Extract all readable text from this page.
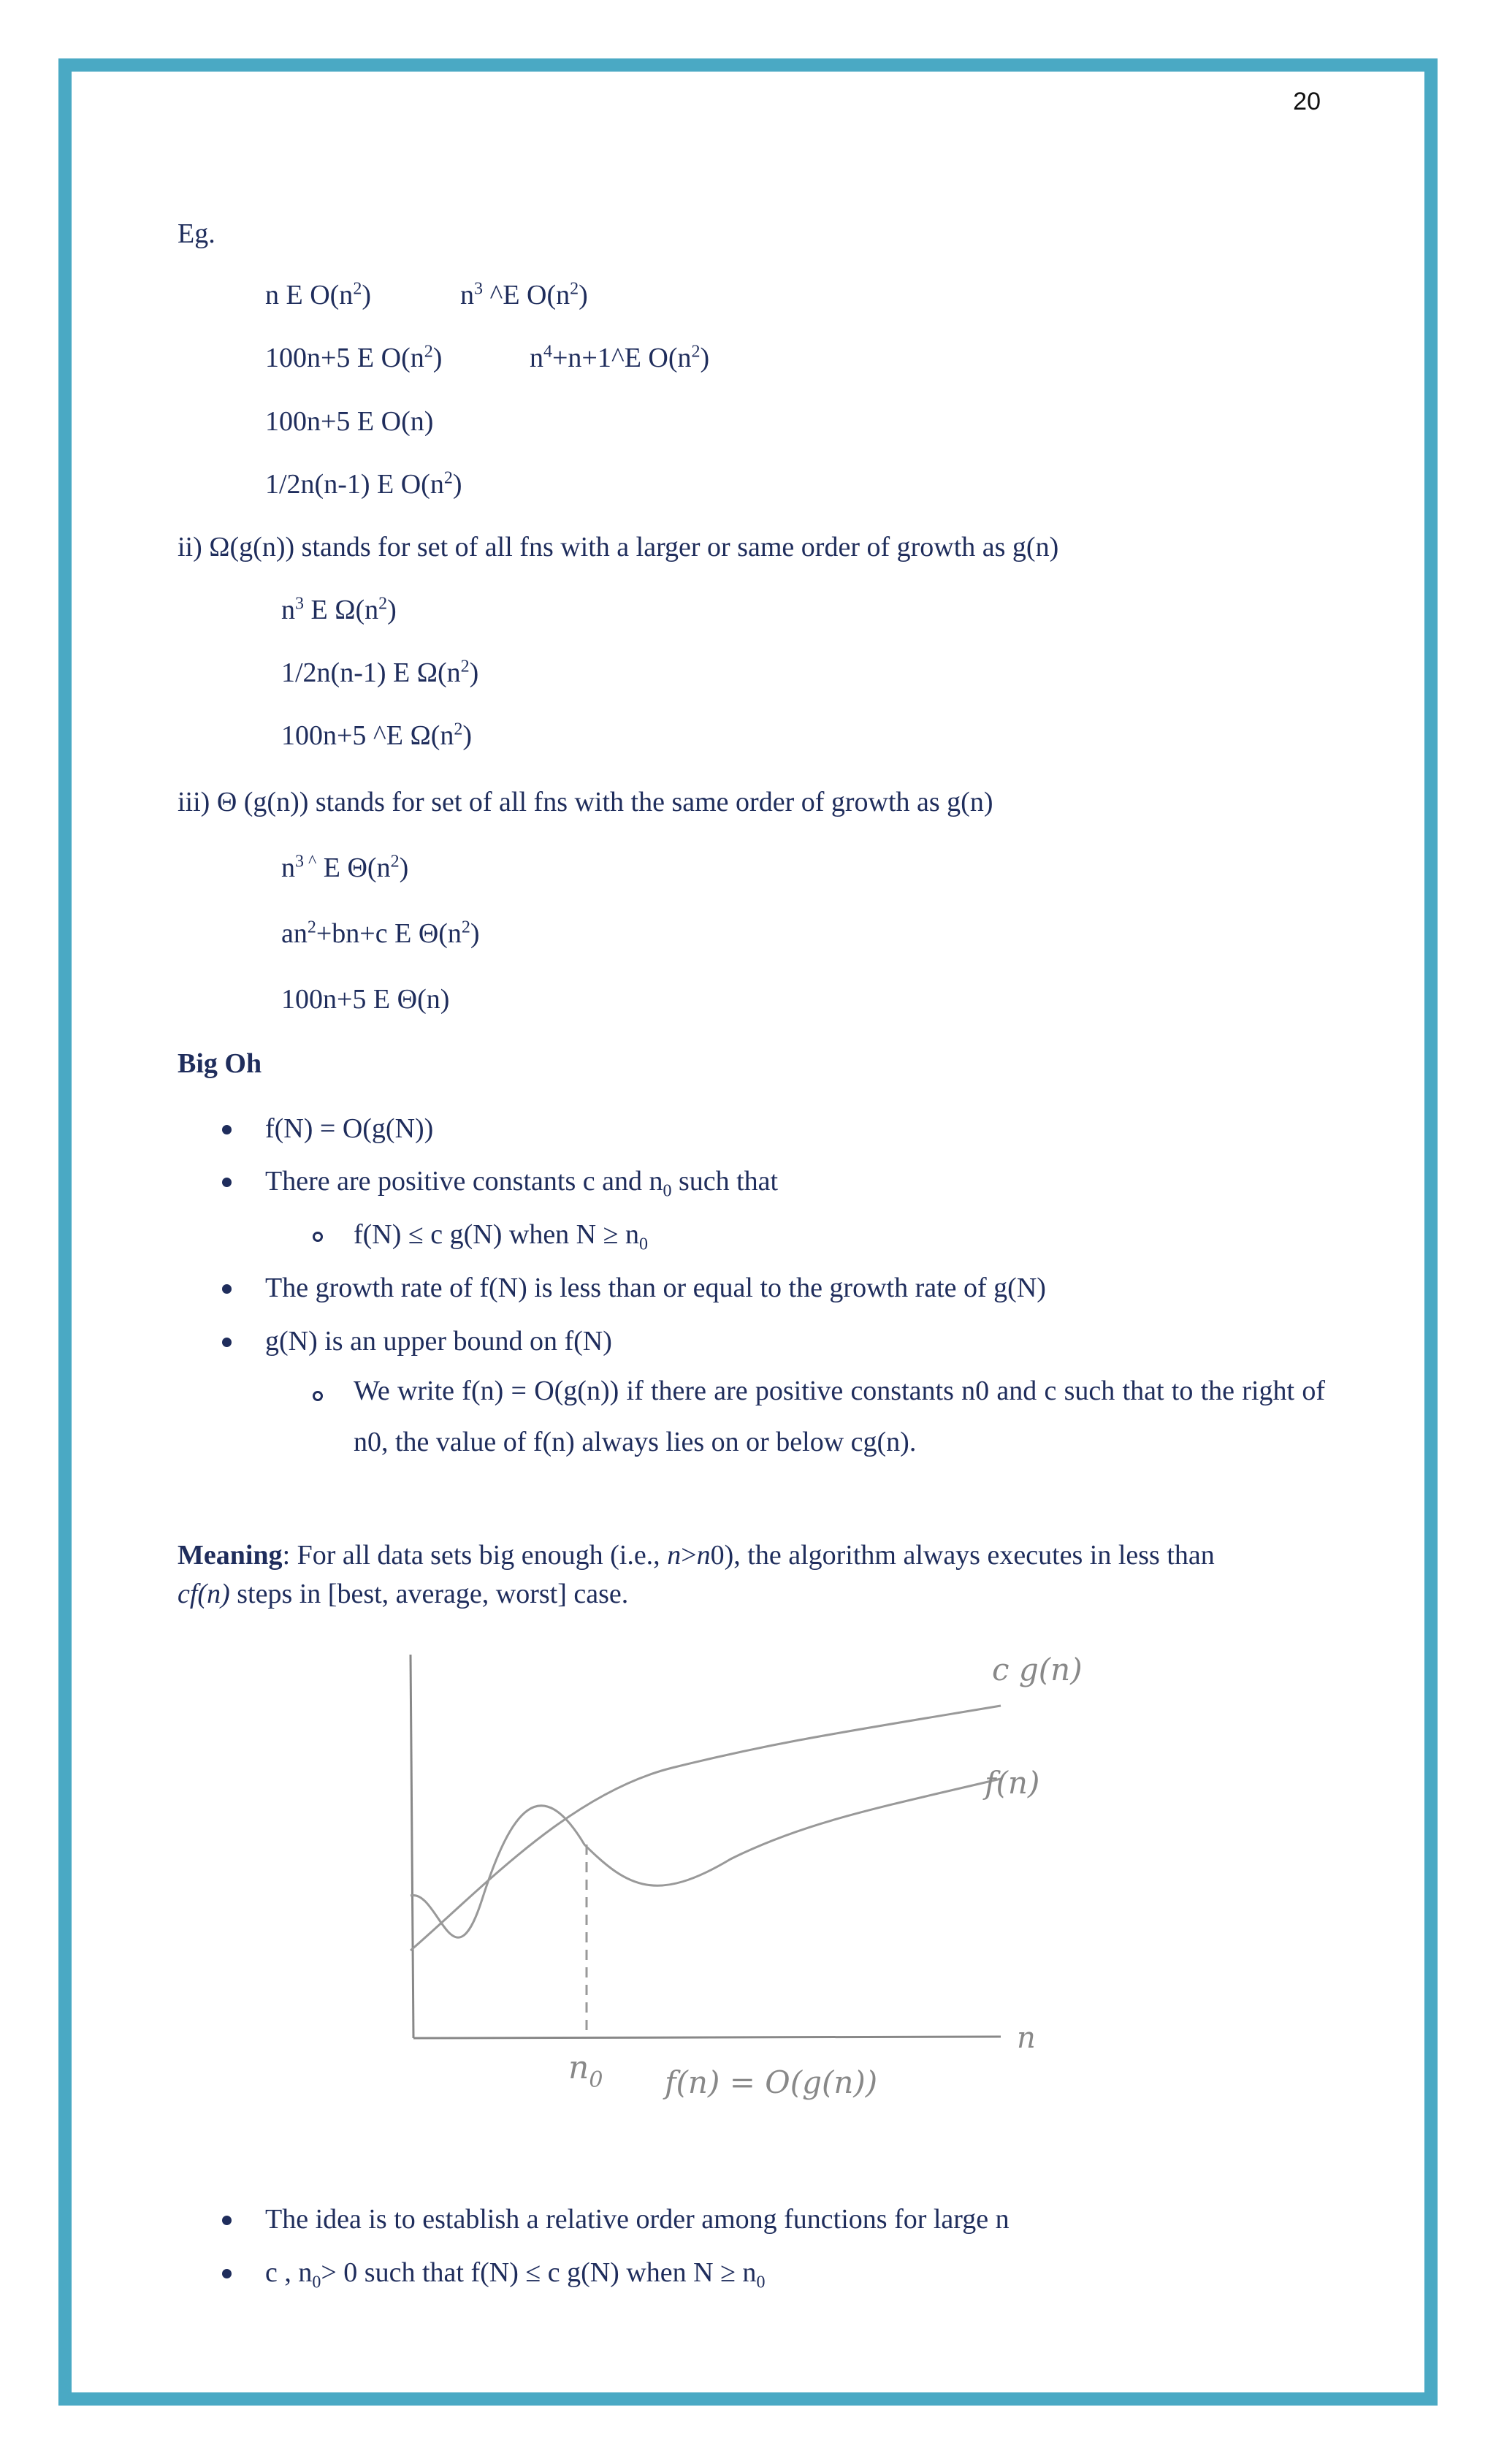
20
Eg.
n E $O(n^2)$	$n^3$ ^E $O(n^2)$
100n+5 E $O(n^2)$	$n^4+n+1\^{}E$ $O(n^2)$
100n+5 E O(n)
1/2n(n-1) E $O(n^2)$
ii) Ω(g(n)) stands for set of all fns with a larger or same order of growth as g(n)
$n^3$ E $\Omega(n^2)$
1/2n(n-1) E $\Omega(n^2)$
100n+5 ^E $\Omega(n^2)$
iii) Θ (g(n)) stands for set of all fns with the same order of growth as g(n)
$n^{3 \^{}}$ E $\Theta(n^2)$
$an^2+bn+c$ E $\Theta(n^2)$
100n+5 E Θ(n)
Big Oh
f(N) = O(g(N))
There are positive constants c and $n_0$ such that
f(N) ≤ c g(N) when $N \ge n_0$
The growth rate of f(N) is less than or equal to the growth rate of g(N)
g(N) is an upper bound on f(N)
We write f(n) = O(g(n)) if there are positive constants n0 and c such that to the right of n0, the value of f(n) always lies on or below cg(n).
Meaning: For all data sets big enough (i.e., n>n0), the algorithm always executes in less than
cf(n) steps in [best, average, worst] case.
c g(n)
f(n)
n
$n_0$ f(n) = O(g(n))
The idea is to establish a relative order among functions for large n
c , $n_0> 0$ such that f(N) ≤ c g(N) when $N \ge n_0$
